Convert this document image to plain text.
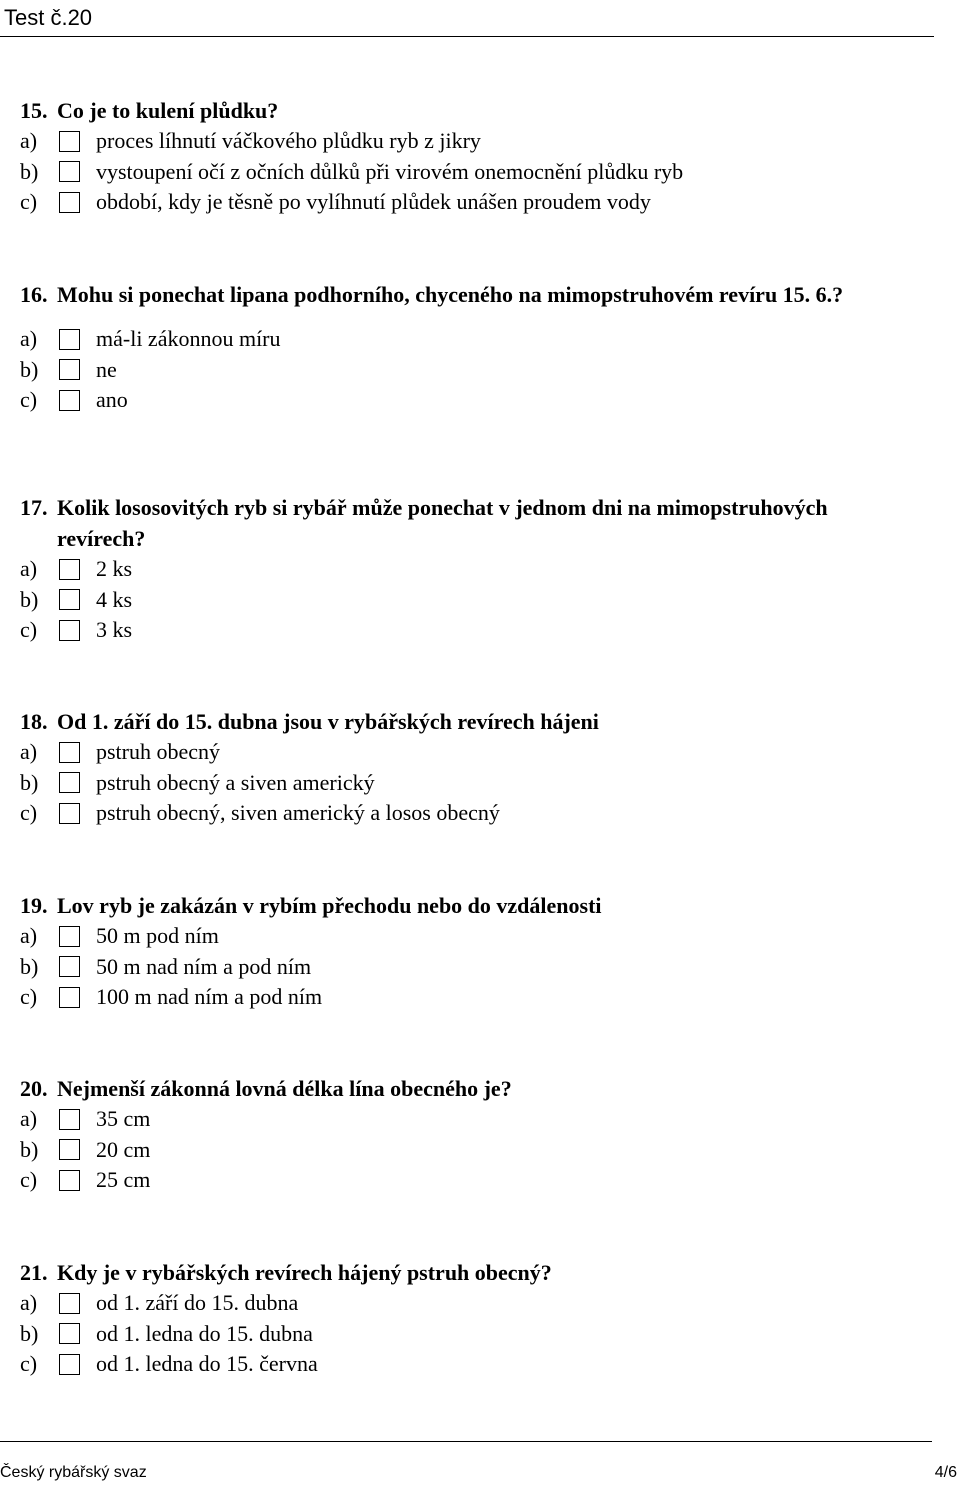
Test č.20
15. Co je to kulení plůdku?
a)	proces líhnutí váčkového plůdku ryb z jikry
b)	vystoupení očí z očních důlků při virovém onemocnění plůdku ryb
c)	období, kdy je těsně po vylíhnutí plůdek unášen proudem vody
16. Mohu si ponechat lipana podhorního, chyceného na mimopstruhovém revíru 15. 6.?
a)	má-li zákonnou míru
b)	ne
c)	ano
17. Kolik lososovitých ryb si rybář může ponechat v jednom dni na mimopstruhových
revírech?
a)	2 ks
b)	4 ks
c)	3 ks
18. Od 1. září do 15. dubna jsou v rybářských revírech hájeni
a)	pstruh obecný
b)	pstruh obecný a siven americký
c)	pstruh obecný, siven americký a losos obecný
19. Lov ryb je zakázán v rybím přechodu nebo do vzdálenosti
a)	50 m pod ním
b)	50 m nad ním a pod ním
c)	100 m nad ním a pod ním
20. Nejmenší zákonná lovná délka lína obecného je?
a)	35 cm
b)	20 cm
c)	25 cm
21. Kdy je v rybářských revírech hájený pstruh obecný?
a)	od 1. září do 15. dubna
b)	od 1. ledna do 15. dubna
c)	od 1. ledna do 15. června
Český rybářský svaz	4/6
